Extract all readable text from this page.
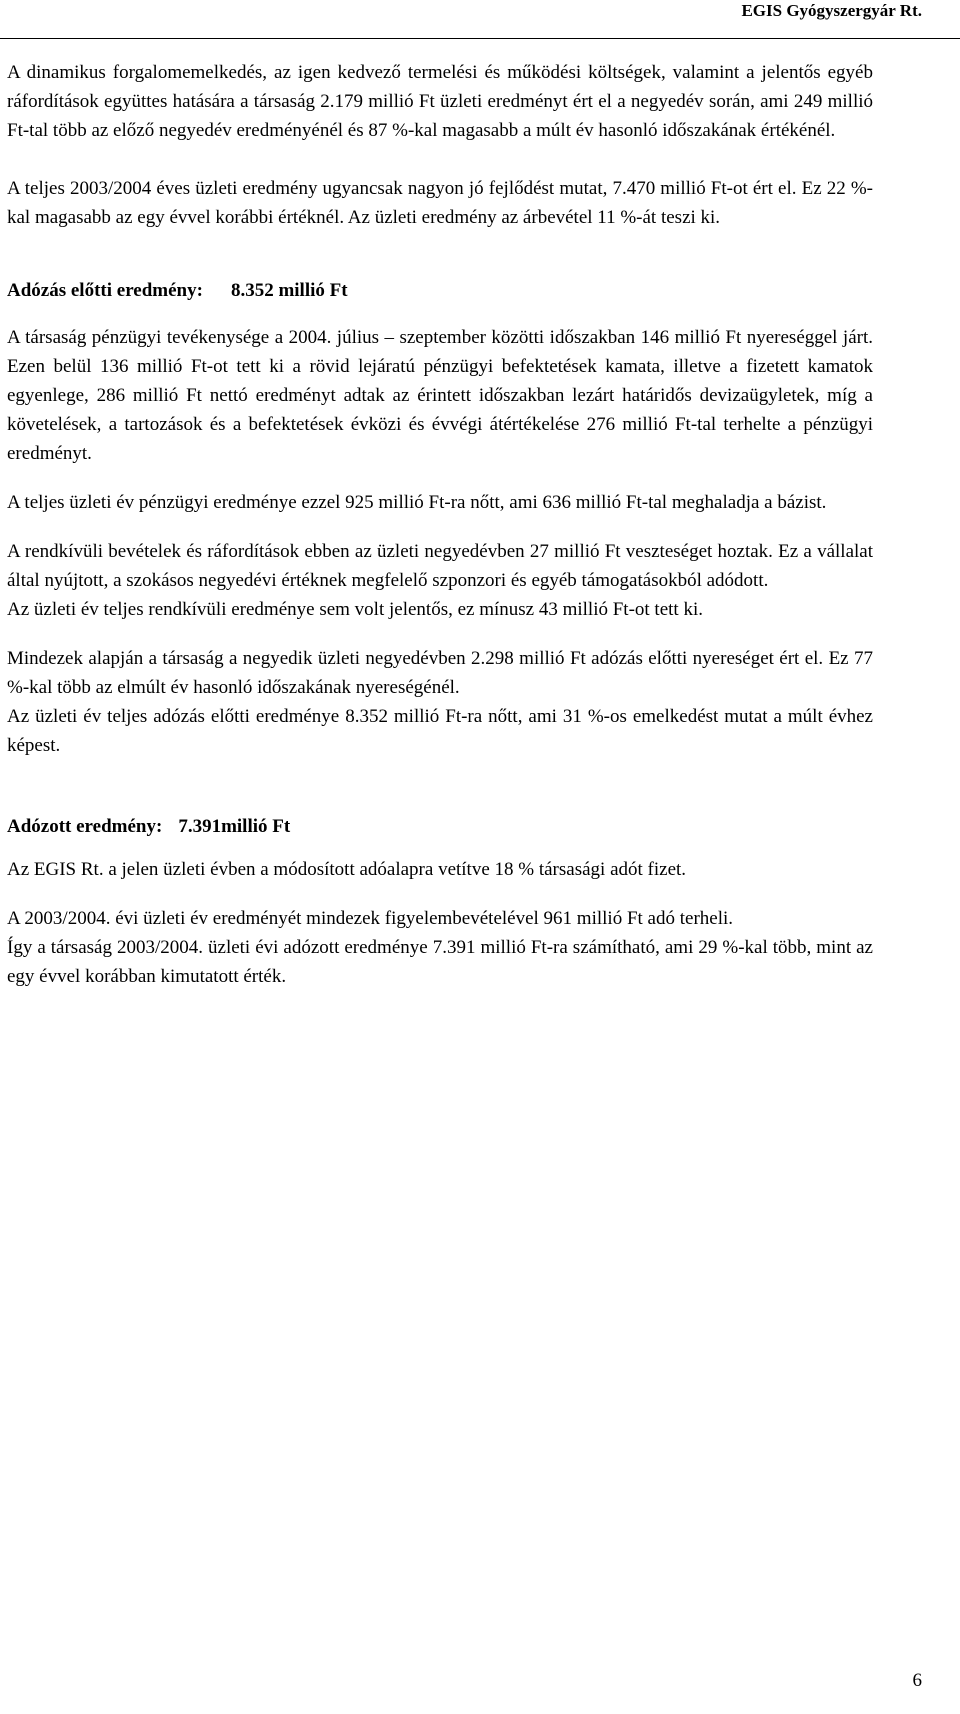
EGIS Gyógyszergyár Rt.

A dinamikus forgalomemelkedés, az igen kedvező termelési és működési költségek, valamint a jelentős egyéb ráfordítások együttes hatására a társaság 2.179 millió Ft üzleti eredményt ért el a negyedév során, ami 249 millió Ft-tal több az előző negyedév eredményénél és 87 %-kal magasabb a múlt év hasonló időszakának értékénél.

A teljes 2003/2004 éves üzleti eredmény ugyancsak nagyon jó fejlődést mutat, 7.470 millió Ft-ot ért el. Ez 22 %-kal magasabb az egy évvel korábbi értéknél. Az üzleti eredmény az árbevétel 11 %-át teszi ki.

Adózás előtti eredmény: 8.352 millió Ft

A társaság pénzügyi tevékenysége a 2004. július – szeptember közötti időszakban 146 millió Ft nyereséggel járt. Ezen belül 136 millió Ft-ot tett ki a rövid lejáratú pénzügyi befektetések kamata, illetve a fizetett kamatok egyenlege, 286 millió Ft nettó eredményt adtak az érintett időszakban lezárt határidős devizaügyletek, míg a követelések, a tartozások és a befektetések évközi és évvégi átértékelése 276 millió Ft-tal terhelte a pénzügyi eredményt.

A teljes üzleti év pénzügyi eredménye ezzel 925 millió Ft-ra nőtt, ami 636 millió Ft-tal meghaladja a bázist.

A rendkívüli bevételek és ráfordítások ebben az üzleti negyedévben 27 millió Ft veszteséget hoztak. Ez a vállalat által nyújtott, a szokásos negyedévi értéknek megfelelő szponzori és egyéb támogatásokból adódott.

Az üzleti év teljes rendkívüli eredménye sem volt jelentős, ez mínusz 43 millió Ft-ot tett ki.

Mindezek alapján a társaság a negyedik üzleti negyedévben 2.298 millió Ft adózás előtti nyereséget ért el. Ez 77 %-kal több az elmúlt év hasonló időszakának nyereségénél.

Az üzleti év teljes adózás előtti eredménye 8.352 millió Ft-ra nőtt, ami 31 %-os emelkedést mutat a múlt évhez képest.

Adózott eredmény: 7.391millió Ft

Az EGIS Rt. a jelen üzleti évben a módosított adóalapra vetítve 18 % társasági adót fizet.

A 2003/2004. évi üzleti év eredményét mindezek figyelembevételével 961 millió Ft adó terheli.

Így a társaság 2003/2004. üzleti évi adózott eredménye 7.391 millió Ft-ra számítható, ami 29 %-kal több, mint az egy évvel korábban kimutatott érték.

6
